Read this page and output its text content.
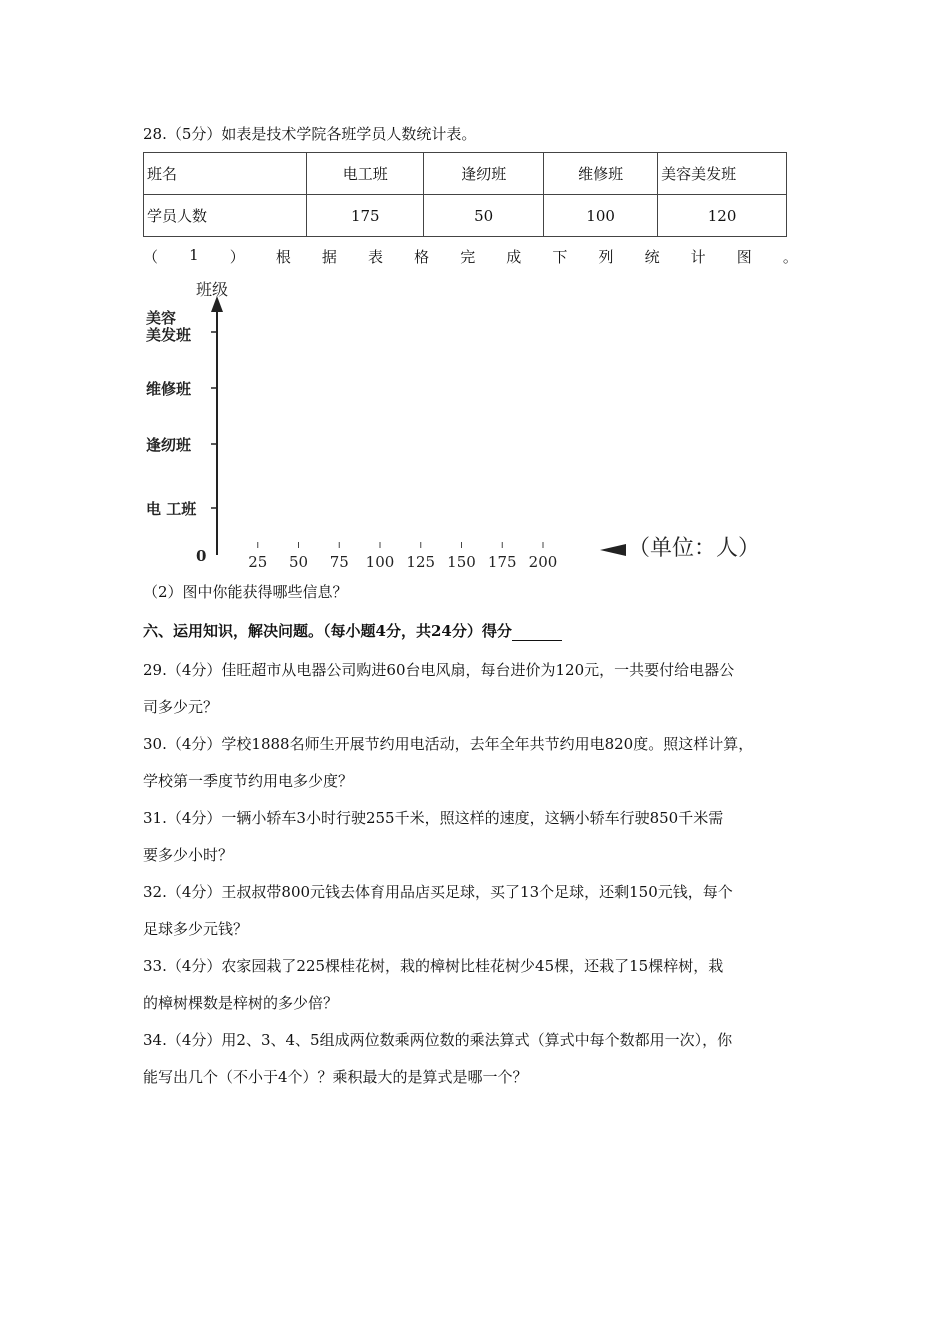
28.（5分）如表是技术学院各班学员人数统计表。
班名	电工班	逢纫班	维修班	美容美发班
学员人数	175	50	100	120
（ 1 ） 根 据 表 格 完 成 下 列 统 计 图 。
班级
电 工班
逢纫班
维修班
美容
美发班
0	25 50 75 100 125 150 175 200
（单位：人）
（2）图中你能获得哪些信息？
六、运用知识，解决问题。（每小题4分，共24分）得分
29.（4分）佳旺超市从电器公司购进60台电风扇，每台进价为120元，一共要付给电器公
司多少元？
30.（4分）学校1888名师生开展节约用电活动，去年全年共节约用电820度。照这样计算，
学校第一季度节约用电多少度？
31.（4分）一辆小轿车3小时行驶255千米，照这样的速度，这辆小轿车行驶850千米需
要多少小时？
32.（4分）王叔叔带800元钱去体育用品店买足球，买了13个足球，还剩150元钱，每个
足球多少元钱？
33.（4分）农家园栽了225棵桂花树，栽的樟树比桂花树少45棵，还栽了15棵梓树，栽
的樟树棵数是梓树的多少倍？
34.（4分）用2、3、4、5组成两位数乘两位数的乘法算式（算式中每个数都用一次），你
能写出几个（不小于4个）？乘积最大的是算式是哪一个？
